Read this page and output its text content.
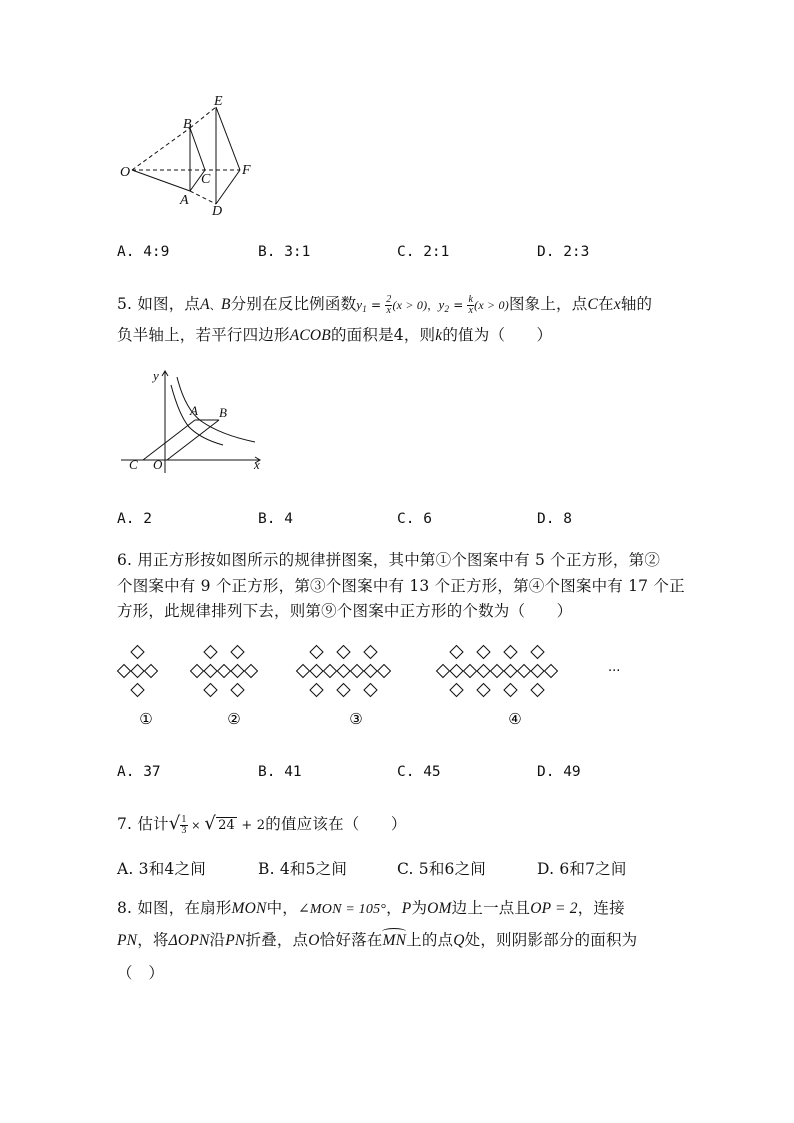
E
B
O	C
F
A
D
A. 4:9	B. 3:1	C. 2:1	D. 2:3
5. 如图，点A、B分别在反比例函数$y_1 = \frac{2}{x} (x > 0)$，$y_2 = \frac{k}{x} (x > 0)$图象上，点C在x轴的
负半轴上，若平行四边形ACOB的面积是4，则k的值为（　　）
y
A B
C O	x
A. 2	B. 4	C. 6	D. 8
6. 用正方形按如图所示的规律拼图案，其中第①个图案中有 5 个正方形，第②
个图案中有 9 个正方形，第③个图案中有 13 个正方形，第④个图案中有 17 个正
方形，此规律排列下去，则第⑨个图案中正方形的个数为（　　）
①	②	③	④
···
A. 37	B. 41	C. 45	D. 49
7. 估计√ $\frac{1}{3}$ × √ 24 + 2的值应该在（　　）
A. 3和4之间	B. 4和5之间	C. 5和6之间	D. 6和7之间
8. 如图，在扇形MON中，∠MON = 105°，P为OM边上一点且OP = 2，连接
PN，将ΔOPN沿PN折叠，点O恰好落在MN上的点Q处，则阴影部分的面积为
（　）
